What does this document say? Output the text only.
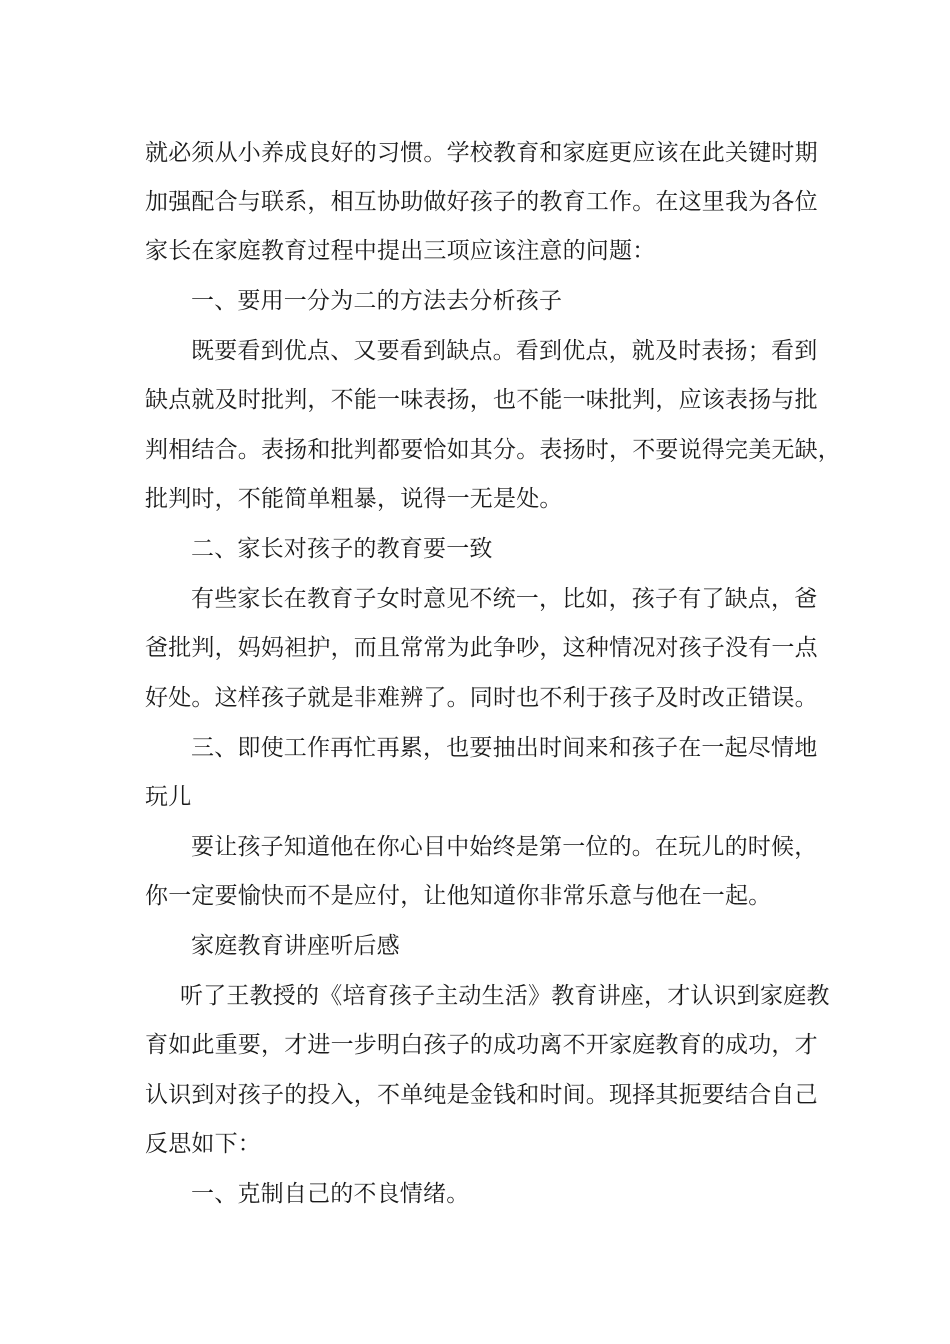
就必须从小养成良好的习惯。学校教育和家庭更应该在此关键时期
加强配合与联系，相互协助做好孩子的教育工作。在这里我为各位
家长在家庭教育过程中提出三项应该注意的问题：
一、要用一分为二的方法去分析孩子
既要看到优点、又要看到缺点。看到优点，就及时表扬；看到
缺点就及时批判，不能一味表扬，也不能一味批判，应该表扬与批
判相结合。表扬和批判都要恰如其分。表扬时，不要说得完美无缺，
批判时，不能简单粗暴，说得一无是处。
二、家长对孩子的教育要一致
有些家长在教育子女时意见不统一，比如，孩子有了缺点，爸
爸批判，妈妈袒护，而且常常为此争吵，这种情况对孩子没有一点
好处。这样孩子就是非难辨了。同时也不利于孩子及时改正错误。
三、即使工作再忙再累，也要抽出时间来和孩子在一起尽情地
玩儿
要让孩子知道他在你心目中始终是第一位的。在玩儿的时候，
你一定要愉快而不是应付，让他知道你非常乐意与他在一起。
家庭教育讲座听后感
听了王教授的《培育孩子主动生活》教育讲座，才认识到家庭教
育如此重要，才进一步明白孩子的成功离不开家庭教育的成功，才
认识到对孩子的投入，不单纯是金钱和时间。现择其扼要结合自己
反思如下：
一、克制自己的不良情绪。
